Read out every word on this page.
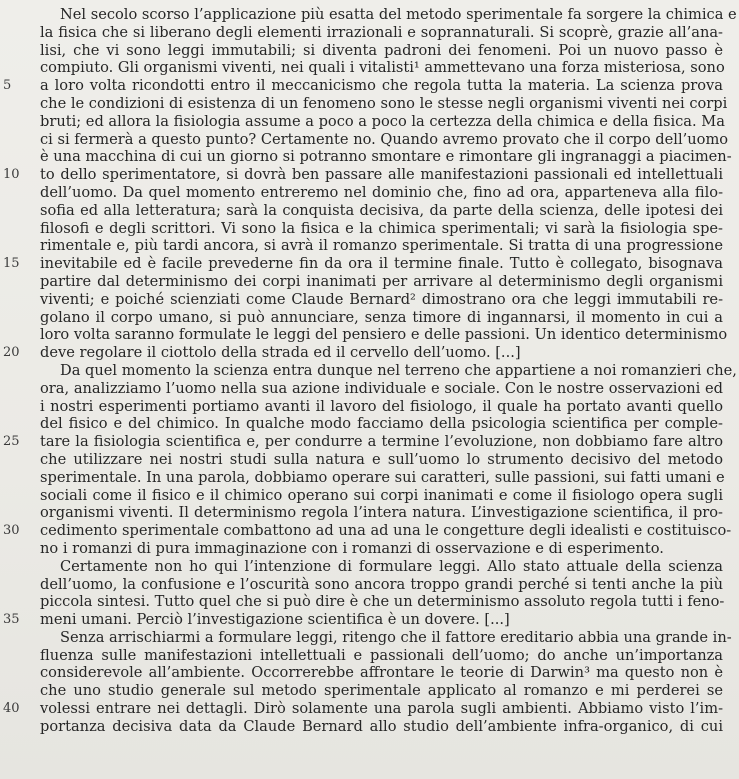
Nel secolo scorso l’applicazione più esatta del metodo sperimentale fa sorgere la chimica e
la fisica che si liberano degli elementi irrazionali e soprannaturali. Si scoprè, grazie all’ana-
lisi, che vi sono leggi immutabili; si diventa padroni dei fenomeni. Poi un nuovo passo è
compiuto. Gli organismi viventi, nei quali i vitalisti¹ ammettevano una forza misteriosa, sono
a loro volta ricondotti entro il meccanicismo che regola tutta la materia. La scienza prova
5
che le condizioni di esistenza di un fenomeno sono le stesse negli organismi viventi nei corpi
bruti; ed allora la fisiologia assume a poco a poco la certezza della chimica e della fisica. Ma
ci si fermerà a questo punto? Certamente no. Quando avremo provato che il corpo dell’uomo
è una macchina di cui un giorno si potranno smontare e rimontare gli ingranaggi a piacimen-
to dello sperimentatore, si dovrà ben passare alle manifestazioni passionali ed intellettuali
10
dell’uomo. Da quel momento entreremo nel dominio che, fino ad ora, apparteneva alla filo-
sofia ed alla letteratura; sarà la conquista decisiva, da parte della scienza, delle ipotesi dei
filosofi e degli scrittori. Vi sono la fisica e la chimica sperimentali; vi sarà la fisiologia spe-
rimentale e, più tardi ancora, si avrà il romanzo sperimentale. Si tratta di una progressione
inevitabile ed è facile prevederne fin da ora il termine finale. Tutto è collegato, bisognava
15
partire dal determinismo dei corpi inanimati per arrivare al determinismo degli organismi
viventi; e poiché scienziati come Claude Bernard² dimostrano ora che leggi immutabili re-
golano il corpo umano, si può annunciare, senza timore di ingannarsi, il momento in cui a
loro volta saranno formulate le leggi del pensiero e delle passioni. Un identico determinismo
deve regolare il ciottolo della strada ed il cervello dell’uomo. [...]
20
Da quel momento la scienza entra dunque nel terreno che appartiene a noi romanzieri che,
ora, analizziamo l’uomo nella sua azione individuale e sociale. Con le nostre osservazioni ed
i nostri esperimenti portiamo avanti il lavoro del fisiologo, il quale ha portato avanti quello
del fisico e del chimico. In qualche modo facciamo della psicologia scientifica per comple-
tare la fisiologia scientifica e, per condurre a termine l’evoluzione, non dobbiamo fare altro
25
che utilizzare nei nostri studi sulla natura e sull’uomo lo strumento decisivo del metodo
sperimentale. In una parola, dobbiamo operare sui caratteri, sulle passioni, sui fatti umani e
sociali come il fisico e il chimico operano sui corpi inanimati e come il fisiologo opera sugli
organismi viventi. Il determinismo regola l’intera natura. L’investigazione scientifica, il pro-
cedimento sperimentale combattono ad una ad una le congetture degli idealisti e costituisco-
30
no i romanzi di pura immaginazione con i romanzi di osservazione e di esperimento.
Certamente non ho qui l’intenzione di formulare leggi. Allo stato attuale della scienza
dell’uomo, la confusione e l’oscurità sono ancora troppo grandi perché si tenti anche la più
piccola sintesi. Tutto quel che si può dire è che un determinismo assoluto regola tutti i feno-
meni umani. Perciò l’investigazione scientifica è un dovere. [...]
35
Senza arrischiarmi a formulare leggi, ritengo che il fattore ereditario abbia una grande in-
fluenza sulle manifestazioni intellettuali e passionali dell’uomo; do anche un’importanza
considerevole all’ambiente. Occorrerebbe affrontare le teorie di Darwin³ ma questo non è
che uno studio generale sul metodo sperimentale applicato al romanzo e mi perderei se
volessi entrare nei dettagli. Dirò solamente una parola sugli ambienti. Abbiamo visto l’im-
40
portanza decisiva data da Claude Bernard allo studio dell’ambiente infra-organico, di cui
